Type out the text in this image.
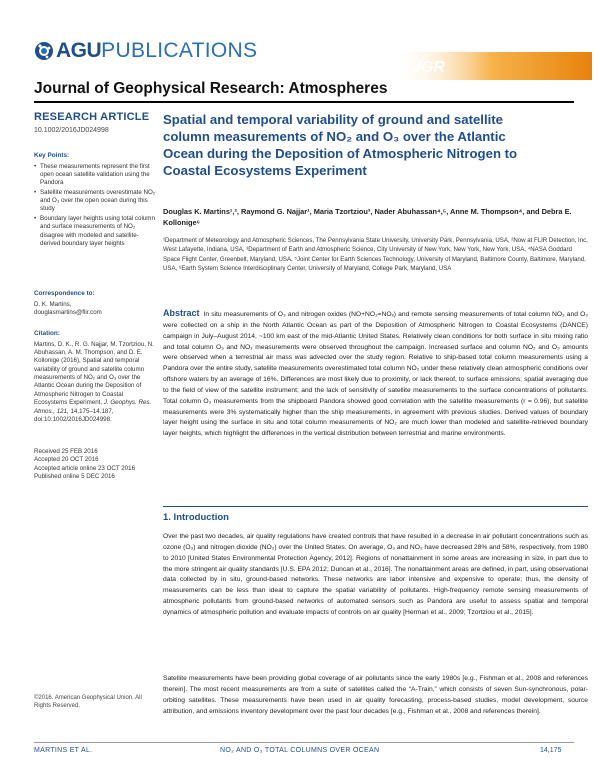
AGU PUBLICATIONS
JGR
Journal of Geophysical Research: Atmospheres
RESEARCH ARTICLE
10.1002/2016JD024998
Key Points:
• These measurements represent the first open ocean satellite validation using the Pandora
• Satellite measurements overestimate NO₂ and O₃ over the open ocean during this study
• Boundary layer heights using total column and surface measurements of NO₂ disagree with modeled and satellite-derived boundary layer heights
Correspondence to:
D. K. Martins,
douglasmartins@flir.com
Citation:
Martins, D. K., R. G. Najjar, M. Tzortziou, N. Abuhassan, A. M. Thompson, and D. E. Kollonige (2016), Spatial and temporal variability of ground and satellite column measurements of NO₂ and O₃ over the Atlantic Ocean during the Deposition of Atmospheric Nitrogen to Coastal Ecosystems Experiment, J. Geophys. Res. Atmos., 121, 14,175–14,187, doi:10.1002/2016JD024998.
Received 25 FEB 2016
Accepted 20 OCT 2016
Accepted article online 23 OCT 2016
Published online 5 DEC 2016
©2016. American Geophysical Union. All Rights Reserved.
Spatial and temporal variability of ground and satellite column measurements of NO₂ and O₃ over the Atlantic Ocean during the Deposition of Atmospheric Nitrogen to Coastal Ecosystems Experiment
Douglas K. Martins¹,², Raymond G. Najjar¹, Maria Tzortziou³, Nader Abuhassan⁴,⁵, Anne M. Thompson⁴, and Debra E. Kollonige⁶
¹Department of Meteorology and Atmospheric Sciences, The Pennsylvania State University, University Park, Pennsylvania, USA, ²Now at FLIR Detection, Inc, West Lafayette, Indiana, USA, ³Department of Earth and Atmospheric Science, City University of New York, New York, New York, USA, ⁴NASA Goddard Space Flight Center, Greenbelt, Maryland, USA, ⁵Joint Center for Earth Sciences Technology, University of Maryland, Baltimore County, Baltimore, Maryland, USA, ⁶Earth System Science Interdisciplinary Center, University of Maryland, College Park, Maryland, USA
Abstract In situ measurements of O₃ and nitrogen oxides (NO+NO₂=NOₓ) and remote sensing measurements of total column NO₂ and O₃ were collected on a ship in the North Atlantic Ocean as part of the Deposition of Atmospheric Nitrogen to Coastal Ecosystems (DANCE) campaign in July–August 2014, ~100 km east of the mid-Atlantic United States. Relatively clean conditions for both surface in situ mixing ratio and total column O₃ and NO₂ measurements were observed throughout the campaign. Increased surface and column NO₂ and O₃ amounts were observed when a terrestrial air mass was advected over the study region. Relative to ship-based total column measurements using a Pandora over the entire study, satellite measurements overestimated total column NO₂ under these relatively clean atmospheric conditions over offshore waters by an average of 16%. Differences are most likely due to proximity, or lack thereof, to surface emissions; spatial averaging due to the field of view of the satellite instrument; and the lack of sensitivity of satellite measurements to the surface concentrations of pollutants. Total column O₃ measurements from the shipboard Pandora showed good correlation with the satellite measurements (r = 0.96), but satellite measurements were 3% systematically higher than the ship measurements, in agreement with previous studies. Derived values of boundary layer height using the surface in situ and total column measurements of NO₂ are much lower than modeled and satellite-retrieved boundary layer heights, which highlight the differences in the vertical distribution between terrestrial and marine environments.
1. Introduction
Over the past two decades, air quality regulations have created controls that have resulted in a decrease in air pollutant concentrations such as ozone (O₃) and nitrogen dioxide (NO₂) over the United States. On average, O₃ and NO₂ have decreased 28% and 58%, respectively, from 1980 to 2010 [United States Environmental Protection Agency, 2012]. Regions of nonattainment in some areas are increasing in size, in part due to the more stringent air quality standards [U.S. EPA 2012; Duncan et al., 2016]. The nonattainment areas are defined, in part, using observational data collected by in situ, ground-based networks. These networks are labor intensive and expensive to operate; thus, the density of measurements can be less than ideal to capture the spatial variability of pollutants. High-frequency remote sensing measurements of atmospheric pollutants from ground-based networks of automated sensors such as Pandora are useful to assess spatial and temporal dynamics of atmospheric pollution and evaluate impacts of controls on air quality [Herman et al., 2009; Tzortziou et al., 2015].
Satellite measurements have been providing global coverage of air pollutants since the early 1980s [e.g., Fishman et al., 2008 and references therein]. The most recent measurements are from a suite of satellites called the “A-Train,” which consists of seven Sun-synchronous, polar-orbiting satellites. These measurements have been used in air quality forecasting, process-based studies, model development, source attribution, and emissions inventory development over the past four decades [e.g., Fishman et al., 2008 and references therein].
MARTINS ET AL.	NO₂ AND O₃ TOTAL COLUMNS OVER OCEAN	14,175
